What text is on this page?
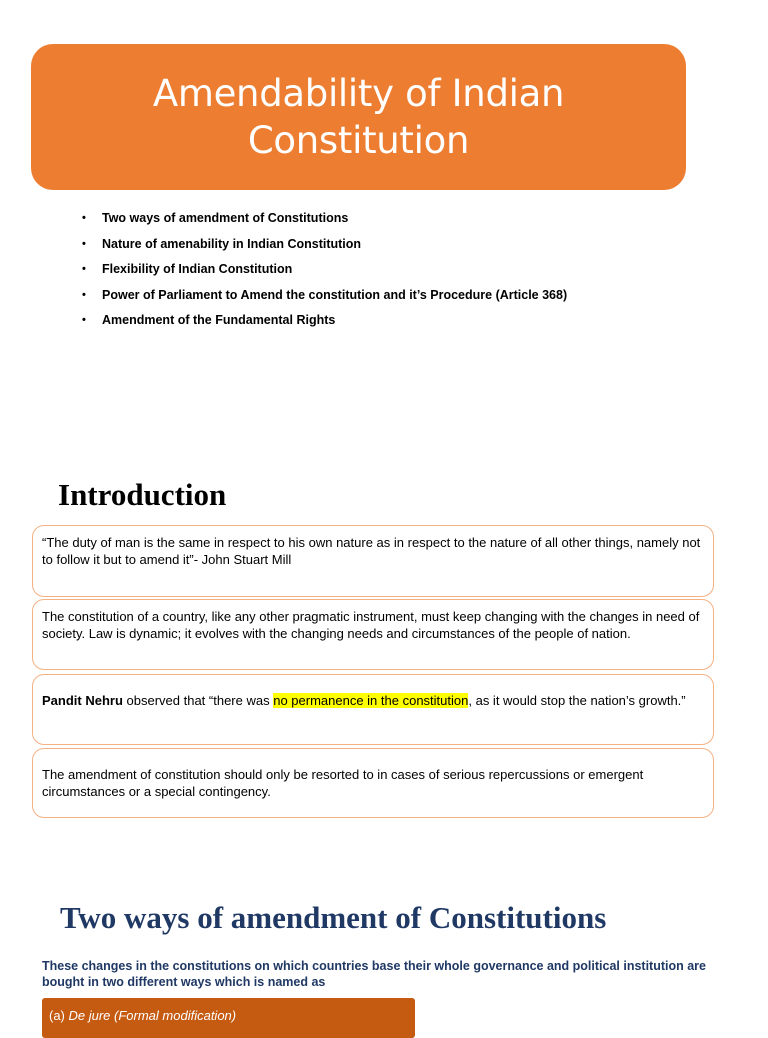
Amendability of Indian Constitution
• Two ways of amendment of Constitutions
• Nature of amenability in Indian Constitution
• Flexibility of Indian Constitution
• Power of Parliament to Amend the constitution and it’s Procedure (Article 368)
• Amendment of the Fundamental Rights
Introduction
“The duty of man is the same in respect to his own nature as in respect to the nature of all other things, namely not to follow it but to amend it”- John Stuart Mill
The constitution of a country, like any other pragmatic instrument, must keep changing with the changes in need of society. Law is dynamic; it evolves with the changing needs and circumstances of the people of nation.
Pandit Nehru observed that “there was no permanence in the constitution, as it would stop the nation’s growth.”
The amendment of constitution should only be resorted to in cases of serious repercussions or emergent circumstances or a special contingency.
Two ways of amendment of Constitutions

These changes in the constitutions on which countries base their whole governance and political institution are bought in two different ways which is named as

(a) De jure (Formal modification)
